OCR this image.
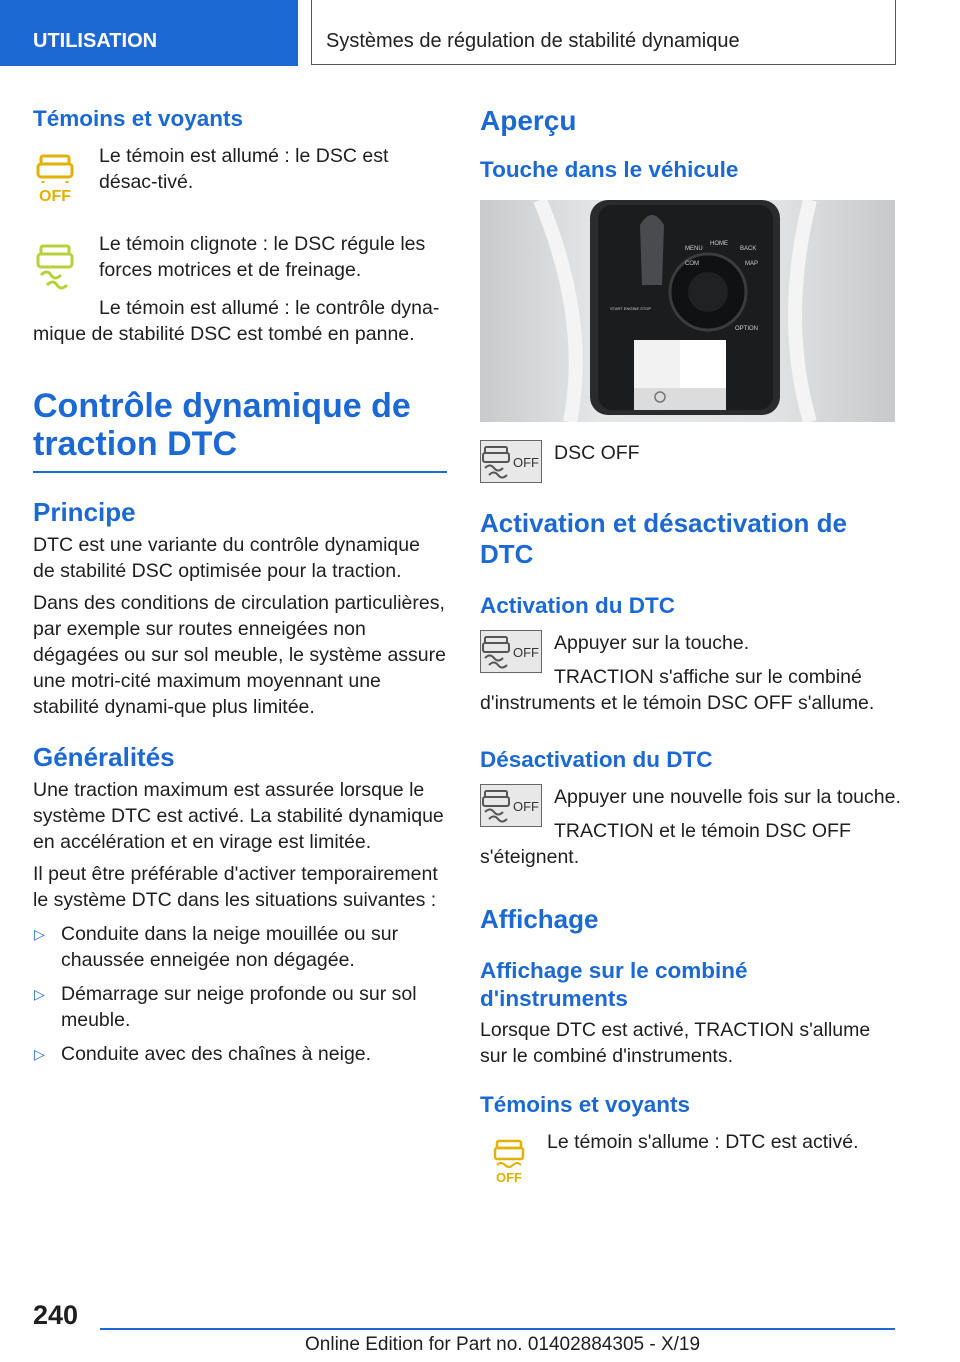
UTILISATION	Systèmes de régulation de stabilité dynamique
Témoins et voyants
OFF

Le témoin est allumé : le DSC est désac-tivé.

Le témoin clignote : le DSC régule les forces motrices et de freinage.

Le témoin est allumé : le contrôle dyna-mique de stabilité DSC est tombé en panne.

Contrôle dynamique de
traction DTC
Principe

DTC est une variante du contrôle dynamique de stabilité DSC optimisée pour la traction.

Dans des conditions de circulation particulières, par exemple sur routes enneigées non dégagées ou sur sol meuble, le système assure une motri-cité maximum moyennant une stabilité dynami-que plus limitée.

Généralités

Une traction maximum est assurée lorsque le système DTC est activé. La stabilité dynamique en accélération et en virage est limitée.

Il peut être préférable d'activer temporairement le système DTC dans les situations suivantes :

▷ Conduite dans la neige mouillée ou sur chaussée enneigée non dégagée.
▷ Démarrage sur neige profonde ou sur sol meuble.
▷ Conduite avec des chaînes à neige.
Aperçu
Touche dans le véhicule
MENU
HOME
BACK
COM	MAP
OPTION
START ENGINE STOP
OFF DSC OFF

Activation et désactivation de
DTC
Activation du DTC
OFF Appuyer sur la touche.

TRACTION s'affiche sur le combiné d'instruments et le témoin DSC OFF s'allume.

Désactivation du DTC
OFF Appuyer une nouvelle fois sur la touche.

TRACTION et le témoin DSC OFF s'éteignent.

Affichage
Affichage sur le combiné d'instruments

Lorsque DTC est activé, TRACTION s'allume sur le combiné d'instruments.

Témoins et voyants
OFF

Le témoin s'allume : DTC est activé.

240
Online Edition for Part no. 01402884305 - X/19
